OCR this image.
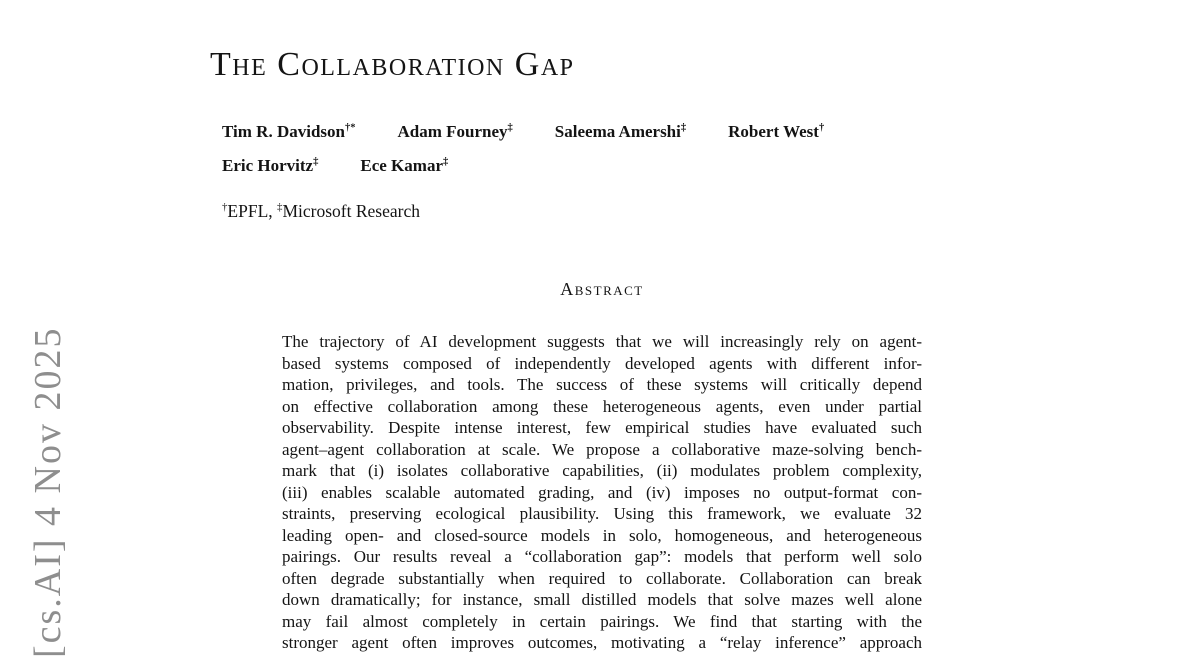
[cs.AI] 4 Nov 2025
The Collaboration Gap
Tim R. Davidson†* Adam Fourney‡ Saleema Amershi‡ Robert West†
Eric Horvitz‡ Ece Kamar‡
†EPFL, ‡Microsoft Research
Abstract
The trajectory of AI development suggests that we will increasingly rely on agent-
based systems composed of independently developed agents with different infor-
mation, privileges, and tools. The success of these systems will critically depend
on effective collaboration among these heterogeneous agents, even under partial
observability. Despite intense interest, few empirical studies have evaluated such
agent–agent collaboration at scale. We propose a collaborative maze-solving bench-
mark that (i) isolates collaborative capabilities, (ii) modulates problem complexity,
(iii) enables scalable automated grading, and (iv) imposes no output-format con-
straints, preserving ecological plausibility. Using this framework, we evaluate 32
leading open- and closed-source models in solo, homogeneous, and heterogeneous
pairings. Our results reveal a “collaboration gap”: models that perform well solo
often degrade substantially when required to collaborate. Collaboration can break
down dramatically; for instance, small distilled models that solve mazes well alone
may fail almost completely in certain pairings. We find that starting with the
stronger agent often improves outcomes, motivating a “relay inference” approach
